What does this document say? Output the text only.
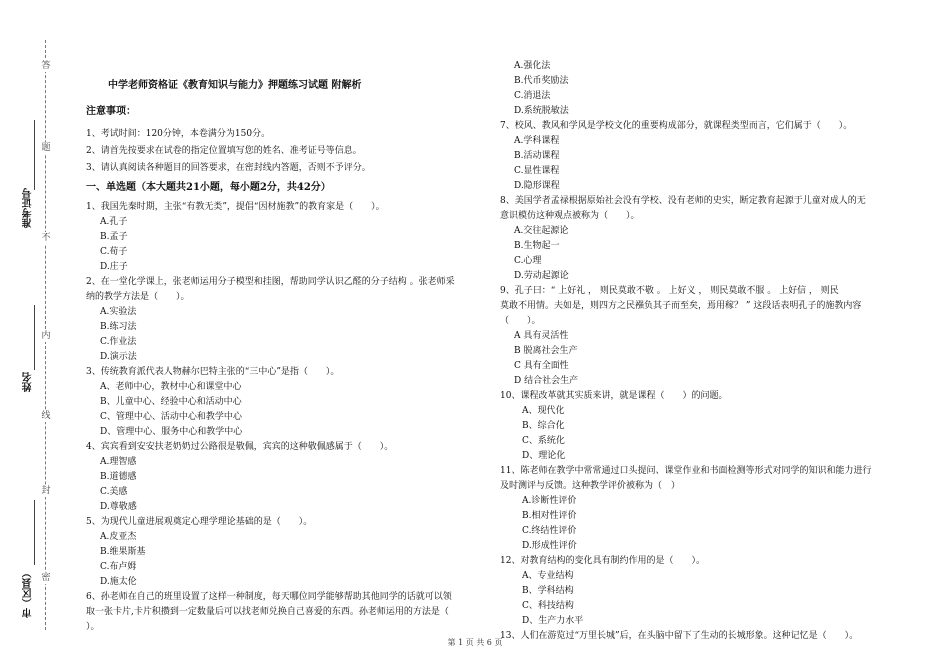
答
题
不
内
线
封
密
准考证号
姓名
市（区县）
中学老师资格证《教育知识与能力》押题练习试题 附解析
注意事项：

1、考试时间：120分钟，本卷满分为150分。

2、请首先按要求在试卷的指定位置填写您的姓名、准考证号等信息。

3、请认真阅读各种题目的回答要求，在密封线内答题，否则不予评分。

一、单选题（本大题共21小题，每小题2分，共42分）

1、我国先秦时期，主张“有教无类”，提倡“因材施教”的教育家是（　　）。

A.孔子

B.孟子

C.荀子

D.庄子

2、在一堂化学课上，张老师运用分子模型和挂图，帮助同学认识乙醛的分子结构 。张老师采

纳的教学方法是（　　）。

A.实验法

B.练习法

C.作业法

D.演示法

3、传统教育派代表人物赫尔巴特主张的“三中心”是指（　　）。

A、老师中心，教材中心和课堂中心

B、儿童中心、经验中心和活动中心

C、管理中心、活动中心和教学中心

D、管理中心、服务中心和教学中心

4、宾宾看到安安扶老奶奶过公路很是敬佩，宾宾的这种敬佩感属于（　　）。

A.理智感

B.道德感

C.美感

D.尊敬感

5、为现代儿童进展观奠定心理学理论基础的是（　　）。

A.皮亚杰

B.维果斯基

C.布卢姆

D.施太伦

6、孙老师在自己的班里设置了这样一种制度，每天哪位同学能够帮助其他同学的话就可以领

取一张卡片,卡片积攒到一定数量后可以找老师兑换自己喜爱的东西。孙老师运用的方法是（

）。

A.强化法

B.代币奖励法

C.消退法

D.系统脱敏法

7、校风、教风和学风是学校文化的重要构成部分，就课程类型而言，它们属于（　　）。

A.学科课程

B.活动课程

C.显性课程

D.隐形课程

8、美国学者孟禄根据原始社会没有学校、没有老师的史实，断定教育起源于儿童对成人的无

意识模仿这种观点被称为（　　）。

A.交往起源论

B.生物起一

C.心理

D.劳动起源论

9、孔子曰：“ 上好礼 ， 则民莫敢不敬 。 上好义 ， 则民莫敢不服 。 上好信 ， 则民

莫敢不用情。夫如是，则四方之民襁负其子而至矣，焉用稼？ ” 这段话表明孔子的施教内容

（　　）。

A 具有灵活性

B 脱离社会生产

C 具有全面性

D 结合社会生产

10、课程改革就其实质来讲，就是课程（　　）的问题。

A、现代化

B、综合化

C、系统化

D、理论化

11、陈老师在教学中常常通过口头提问、课堂作业和书面检测等形式对同学的知识和能力进行

及时测评与反馈。这种教学评价被称为（　）

A.诊断性评价

B.相对性评价

C.终结性评价

D.形成性评价

12、对教育结构的变化具有制约作用的是（　　）。

A、专业结构

B、学科结构

C、科技结构

D、生产力水平

13、人们在游览过“万里长城”后，在头脑中留下了生动的长城形象。这种记忆是（　　）。

第 1 页 共 6 页
